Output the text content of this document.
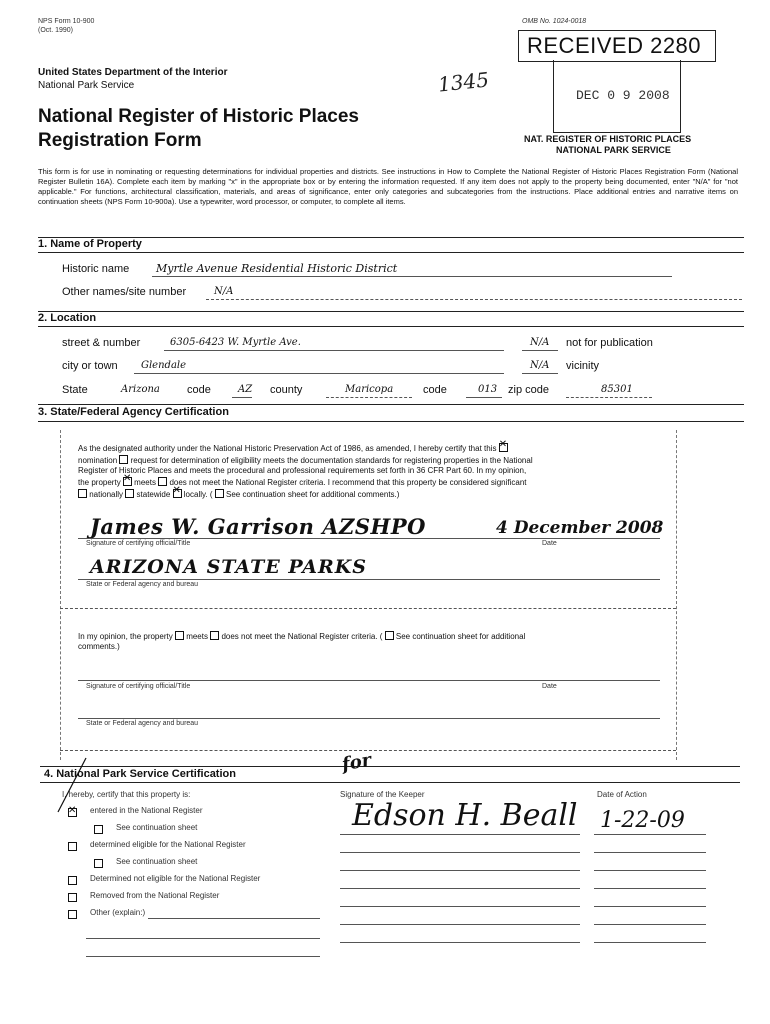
NPS Form 10-900
(Oct. 1990)
OMB No. 1024-0018
United States Department of the Interior
National Park Service
National Register of Historic Places
Registration Form
1345
RECEIVED 2280
DEC 0 9 2008
NAT. REGISTER OF HISTORIC PLACES
NATIONAL PARK SERVICE
This form is for use in nominating or requesting determinations for individual properties and districts. See instructions in How to Complete the National Register of Historic Places Registration Form (National Register Bulletin 16A). Complete each item by marking "x" in the appropriate box or by entering the information requested. If any item does not apply to the property being documented, enter "N/A" for "not applicable." For functions, architectural classification, materials, and areas of significance, enter only categories and subcategories from the instructions. Place additional entries and narrative items on continuation sheets (NPS Form 10-900a). Use a typewriter, word processor, or computer, to complete all items.
1. Name of Property
Historic name Myrtle Avenue Residential Historic District
Other names/site number	N/A
2. Location
street & number	6305-6423 W. Myrtle Ave.	N/A not for publication
city or town Glendale	N/A vicinity
State	Arizona code	AZ county	Maricopa	code	013 zip code	85301
3. State/Federal Agency Certification
As the designated authority under the National Historic Preservation Act of 1986, as amended, I hereby certify that this ✕
nomination request for determination of eligibility meets the documentation standards for registering properties in the National
Register of Historic Places and meets the procedural and professional requirements set forth in 36 CFR Part 60. In my opinion,
the property ✕ meets does not meet the National Register criteria. I recommend that this property be considered significant
nationally statewide ✕ locally. ( See continuation sheet for additional comments.)
James W. Garrison AZSHPO	4 December 2008
Signature of certifying official/Title	Date
ARIZONA STATE PARKS
State or Federal agency and bureau
In my opinion, the property meets does not meet the National Register criteria. ( See continuation sheet for additional
comments.)
Signature of certifying official/Title	Date
State or Federal agency and bureau
4. National Park Service Certification
I, hereby, certify that this property is:	Signature of the Keeper	Date of Action
✕
entered in the National Register
See continuation sheet
determined eligible for the National Register
See continuation sheet
Determined not eligible for the National Register
Removed from the National Register
Other (explain:)
for
Edson H. Beall 1-22-09
